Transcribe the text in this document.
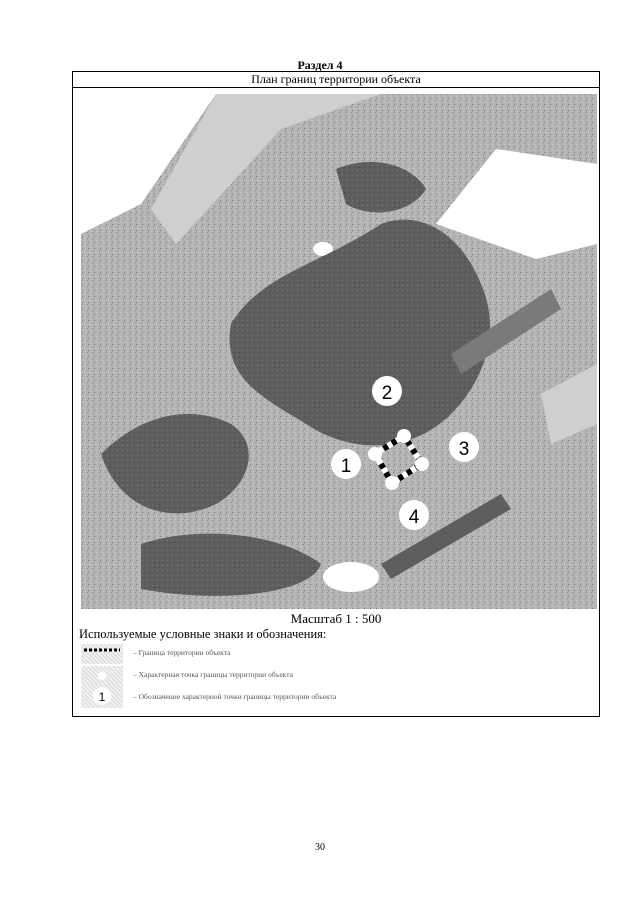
Раздел 4
План границ территории объекта
1
2
3
4
Масштаб 1 : 500
Используемые условные знаки и обозначения:
– Граница территории объекта
– Характерная точка границы территории объекта
1	– Обозначение характерной точки границы территории объекта
30
